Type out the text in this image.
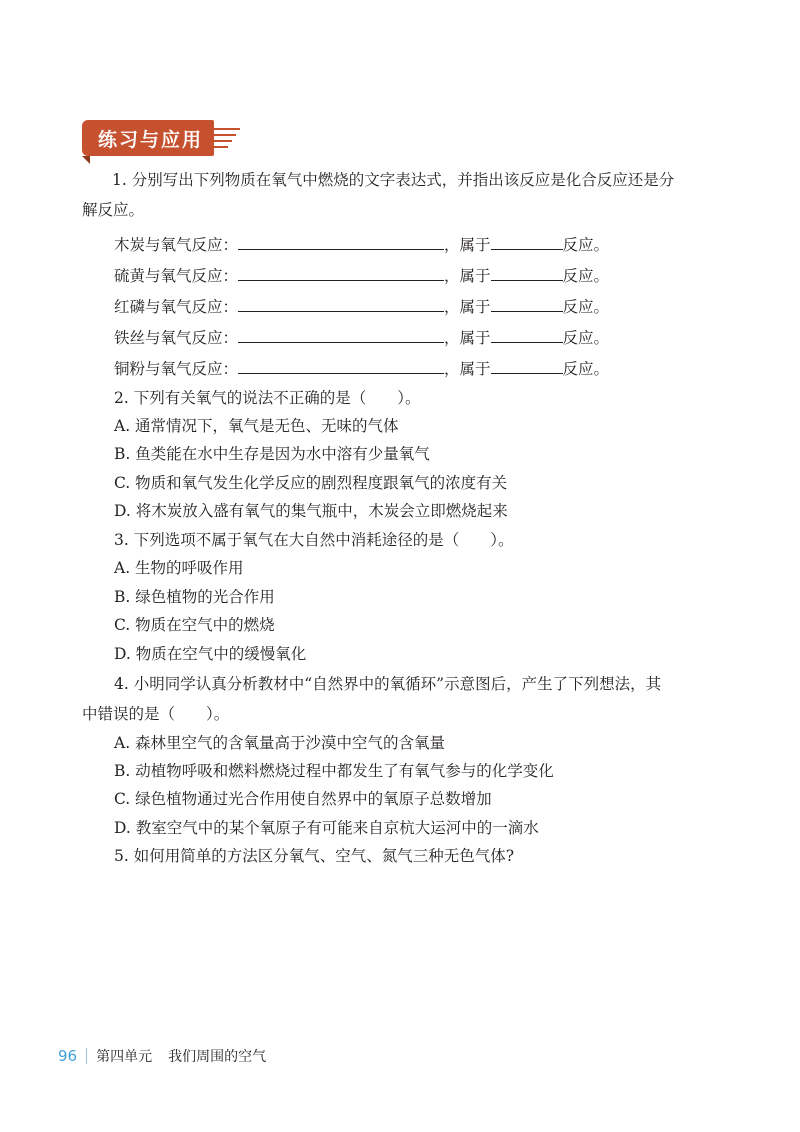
练习与应用
1. 分别写出下列物质在氧气中燃烧的文字表达式，并指出该反应是化合反应还是分
解反应。
木炭与氧气反应：	，属于	反应。
硫黄与氧气反应：	，属于	反应。
红磷与氧气反应：	，属于	反应。
铁丝与氧气反应：	，属于	反应。
铜粉与氧气反应：	，属于	反应。
2. 下列有关氧气的说法不正确的是（　　）。
A. 通常情况下，氧气是无色、无味的气体
B. 鱼类能在水中生存是因为水中溶有少量氧气
C. 物质和氧气发生化学反应的剧烈程度跟氧气的浓度有关
D. 将木炭放入盛有氧气的集气瓶中，木炭会立即燃烧起来
3. 下列选项不属于氧气在大自然中消耗途径的是（　　）。
A. 生物的呼吸作用
B. 绿色植物的光合作用
C. 物质在空气中的燃烧
D. 物质在空气中的缓慢氧化
4. 小明同学认真分析教材中“自然界中的氧循环”示意图后，产生了下列想法，其
中错误的是（　　）。
A. 森林里空气的含氧量高于沙漠中空气的含氧量
B. 动植物呼吸和燃料燃烧过程中都发生了有氧气参与的化学变化
C. 绿色植物通过光合作用使自然界中的氧原子总数增加
D. 教室空气中的某个氧原子有可能来自京杭大运河中的一滴水
5. 如何用简单的方法区分氧气、空气、氮气三种无色气体?
96 第四单元 我们周围的空气
